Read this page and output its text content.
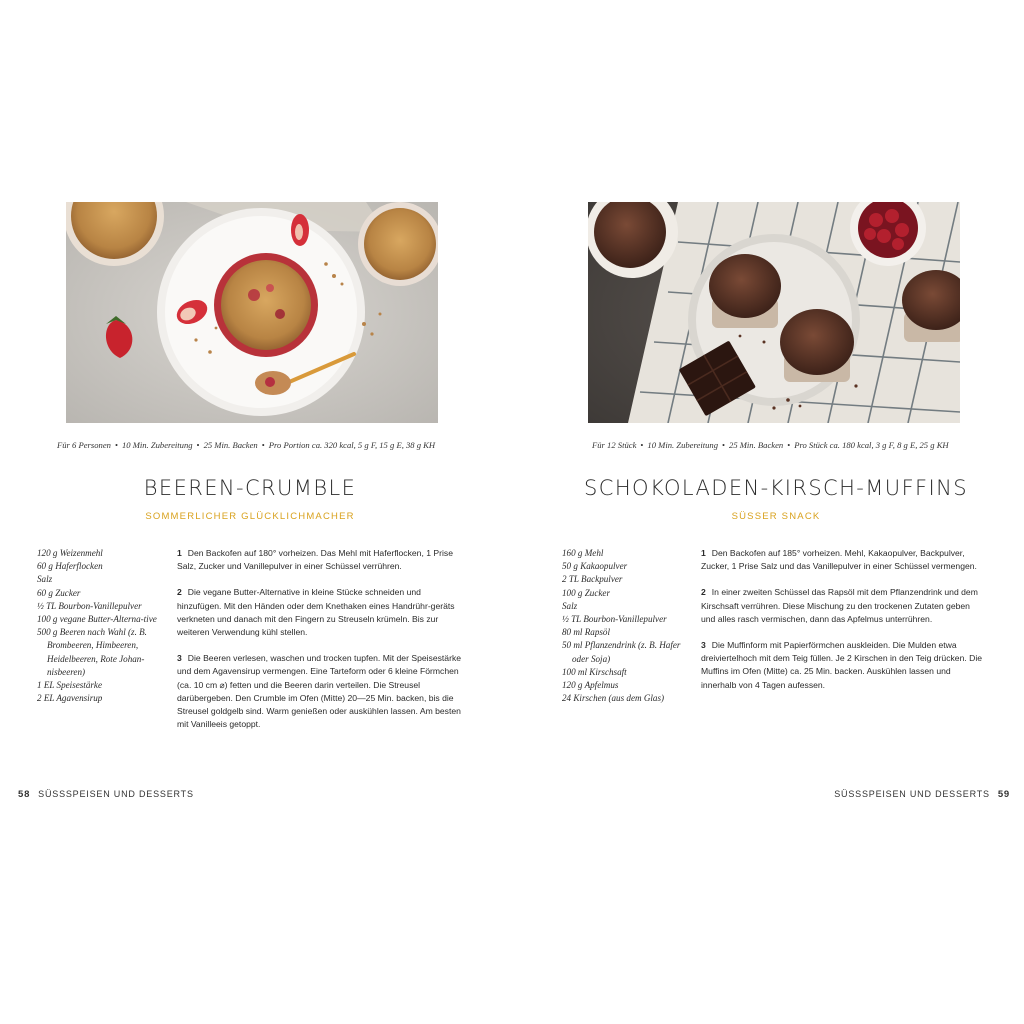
Für 6 Personen • 10 Min. Zubereitung • 25 Min. Backen • Pro Portion ca. 320 kcal, 5 g F, 15 g E, 38 g KH
BEEREN-CRUMBLE
SOMMERLICHER GLÜCKLICHMACHER
120 g Weizenmehl
60 g Haferflocken
Salz
60 g Zucker
½ TL Bourbon-Vanillepulver
100 g vegane Butter-Alterna-tive
500 g Beeren nach Wahl (z. B. Brombeeren, Himbeeren, Heidelbeeren, Rote Johan-nisbeeren)
1 EL Speisestärke
2 EL Agavensirup

1 Den Backofen auf 180° vorheizen. Das Mehl mit Haferflocken, 1 Prise Salz, Zucker und Vanillepulver in einer Schüssel verrühren.

2 Die vegane Butter-Alternative in kleine Stücke schneiden und hinzufügen. Mit den Händen oder dem Knethaken eines Handrühr-geräts verkneten und danach mit den Fingern zu Streuseln krümeln. Bis zur weiteren Verwendung kühl stellen.

3 Die Beeren verlesen, waschen und trocken tupfen. Mit der Speisestärke und dem Agavensirup vermengen. Eine Tarteform oder 6 kleine Förmchen (ca. 10 cm ⌀) fetten und die Beeren darin verteilen. Die Streusel darübergeben. Den Crumble im Ofen (Mitte) 20—25 Min. backen, bis die Streusel goldgelb sind. Warm genießen oder auskühlen lassen. Am besten mit Vanilleeis getoppt.

58 SÜSSSPEISEN UND DESSERTS
Für 12 Stück • 10 Min. Zubereitung • 25 Min. Backen • Pro Stück ca. 180 kcal, 3 g F, 8 g E, 25 g KH
SCHOKOLADEN-KIRSCH-MUFFINS
SÜSSER SNACK
160 g Mehl
50 g Kakaopulver
2 TL Backpulver
100 g Zucker
Salz
½ TL Bourbon-Vanillepulver
80 ml Rapsöl
50 ml Pflanzendrink (z. B. Hafer oder Soja)
100 ml Kirschsaft
120 g Apfelmus
24 Kirschen (aus dem Glas)

1 Den Backofen auf 185° vorheizen. Mehl, Kakaopulver, Backpulver, Zucker, 1 Prise Salz und das Vanillepulver in einer Schüssel vermengen.

2 In einer zweiten Schüssel das Rapsöl mit dem Pflanzendrink und dem Kirschsaft verrühren. Diese Mischung zu den trockenen Zutaten geben und alles rasch vermischen, dann das Apfelmus unterrühren.

3 Die Muffinform mit Papierförmchen auskleiden. Die Mulden etwa dreiviertelhoch mit dem Teig füllen. Je 2 Kirschen in den Teig drücken. Die Muffins im Ofen (Mitte) ca. 25 Min. backen. Auskühlen lassen und innerhalb von 4 Tagen aufessen.

SÜSSSPEISEN UND DESSERTS 59
